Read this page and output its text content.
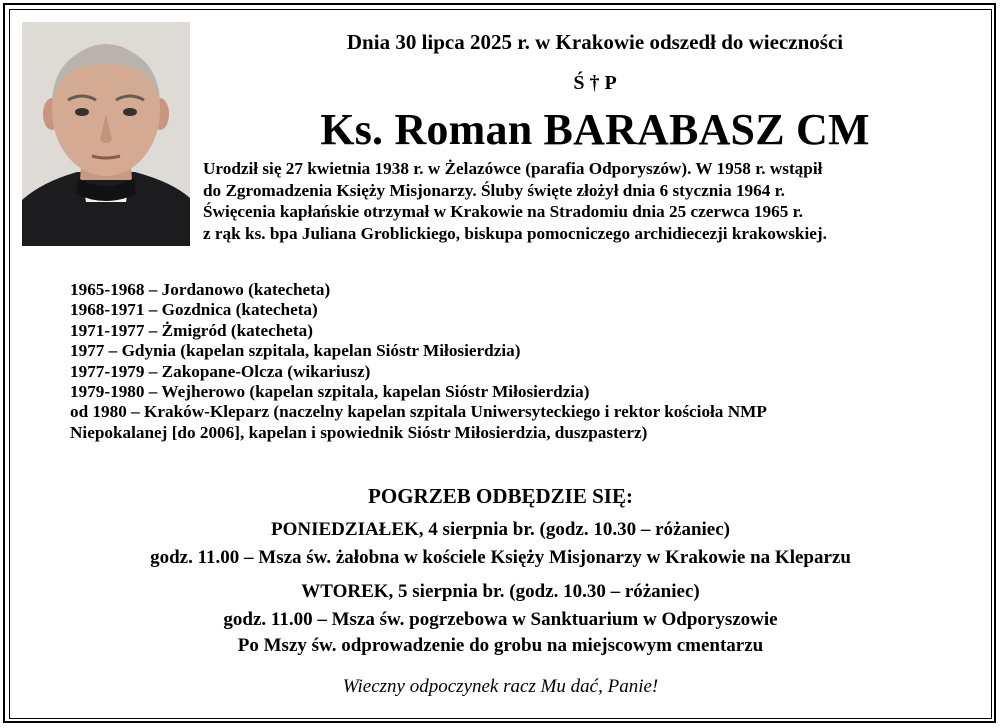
Dnia 30 lipca 2025 r. w Krakowie odszedł do wieczności
Ś † P
Ks. Roman BARABASZ CM
Urodził się 27 kwietnia 1938 r. w Żelazówce (parafia Odporyszów). W 1958 r. wstąpił
do Zgromadzenia Księży Misjonarzy. Śluby święte złożył dnia 6 stycznia 1964 r.
Święcenia kapłańskie otrzymał w Krakowie na Stradomiu dnia 25 czerwca 1965 r.
z rąk ks. bpa Juliana Groblickiego, biskupa pomocniczego archidiecezji krakowskiej.
1965-1968 – Jordanowo (katecheta)
1968-1971 – Gozdnica (katecheta)
1971-1977 – Żmigród (katecheta)
1977 – Gdynia (kapelan szpitala, kapelan Sióstr Miłosierdzia)
1977-1979 – Zakopane-Olcza (wikariusz)
1979-1980 – Wejherowo (kapelan szpitala, kapelan Sióstr Miłosierdzia)
od 1980 – Kraków-Kleparz (naczelny kapelan szpitala Uniwersyteckiego i rektor kościoła NMP
Niepokalanej [do 2006], kapelan i spowiednik Sióstr Miłosierdzia, duszpasterz)
POGRZEB ODBĘDZIE SIĘ:
PONIEDZIAŁEK, 4 sierpnia br. (godz. 10.30 – różaniec)
godz. 11.00 – Msza św. żałobna w kościele Księży Misjonarzy w Krakowie na Kleparzu
WTOREK, 5 sierpnia br. (godz. 10.30 – różaniec)
godz. 11.00 – Msza św. pogrzebowa w Sanktuarium w Odporyszowie
Po Mszy św. odprowadzenie do grobu na miejscowym cmentarzu
Wieczny odpoczynek racz Mu dać, Panie!
